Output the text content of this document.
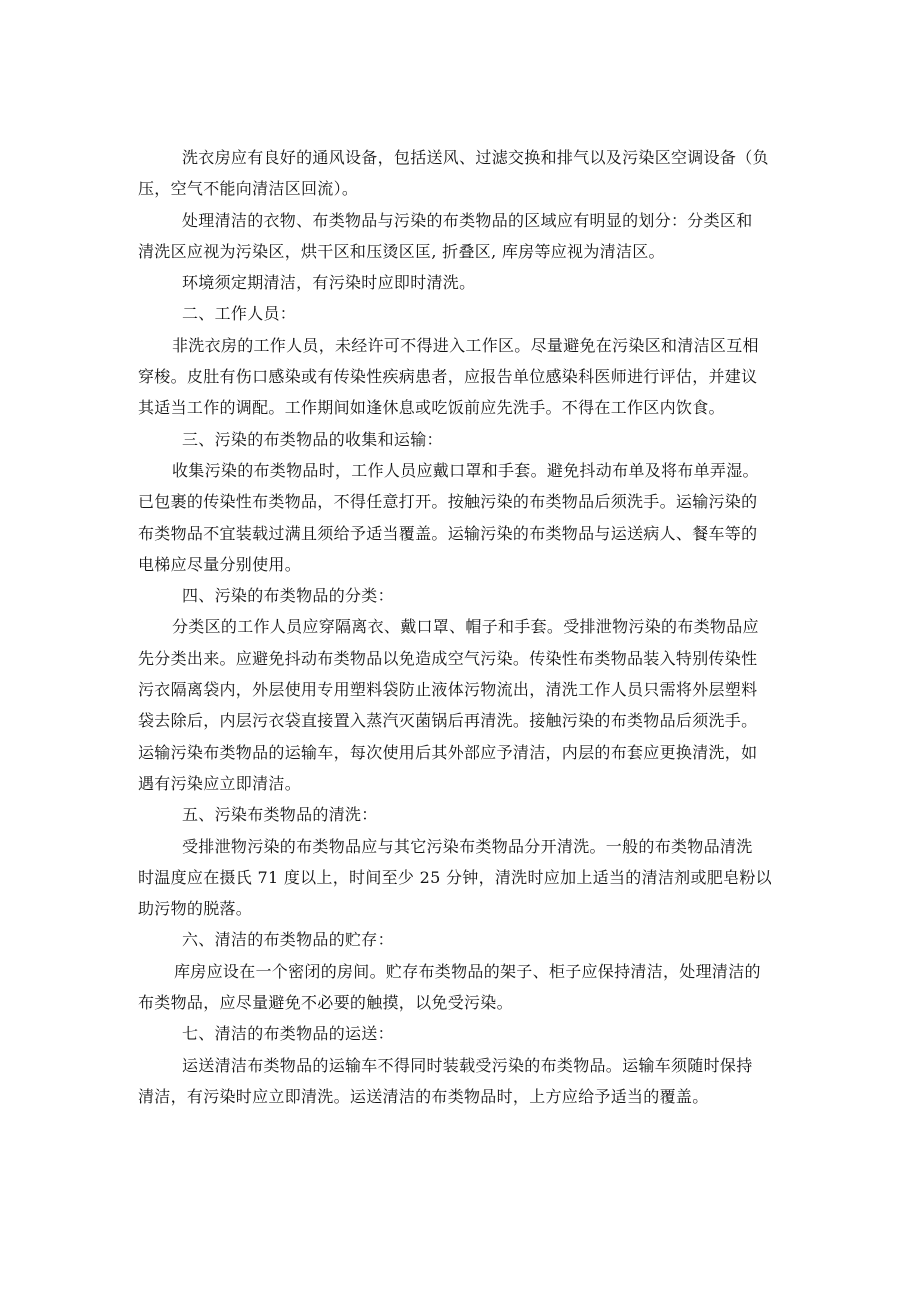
洗衣房应有良好的通风设备，包括送风、过滤交换和排气以及污染区空调设备（负
压，空气不能向清洁区回流）。
处理清洁的衣物、布类物品与污染的布类物品的区域应有明显的划分：分类区和
清洗区应视为污染区，烘干区和压烫区匡, 折叠区, 库房等应视为清洁区。
环境须定期清洁，有污染时应即时清洗。
二、工作人员：
非洗衣房的工作人员，未经许可不得进入工作区。尽量避免在污染区和清洁区互相
穿梭。皮肚有伤口感染或有传染性疾病患者，应报告单位感染科医师进行评估，并建议
其适当工作的调配。工作期间如逢休息或吃饭前应先洗手。不得在工作区内饮食。
三、污染的布类物品的收集和运输：
收集污染的布类物品时，工作人员应戴口罩和手套。避免抖动布单及将布单弄湿。
已包裹的传染性布类物品，不得任意打开。按触污染的布类物品后须洗手。运输污染的
布类物品不宜装载过满且须给予适当覆盖。运输污染的布类物品与运送病人、餐车等的
电梯应尽量分别使用。
四、污染的布类物品的分类：
分类区的工作人员应穿隔离衣、戴口罩、帽子和手套。受排泄物污染的布类物品应
先分类出来。应避免抖动布类物品以免造成空气污染。传染性布类物品装入特别传染性
污衣隔离袋内，外层使用专用塑料袋防止液体污物流出，清洗工作人员只需将外层塑料
袋去除后，内层污衣袋直接置入蒸汽灭菌锅后再清洗。接触污染的布类物品后须洗手。
运输污染布类物品的运输车，每次使用后其外部应予清洁，内层的布套应更换清洗，如
遇有污染应立即清洁。
五、污染布类物品的清洗：
受排泄物污染的布类物品应与其它污染布类物品分开清洗。一般的布类物品清洗
时温度应在摄氏 71 度以上，时间至少 25 分钟，清洗时应加上适当的清洁剂或肥皂粉以
助污物的脱落。
六、清洁的布类物品的贮存：
库房应设在一个密闭的房间。贮存布类物品的架子、柜子应保持清洁，处理清洁的
布类物品，应尽量避免不必要的触摸，以免受污染。
七、清洁的布类物品的运送：
运送清洁布类物品的运输车不得同时装载受污染的布类物品。运输车须随时保持
清洁，有污染时应立即清洗。运送清洁的布类物品时，上方应给予适当的覆盖。
